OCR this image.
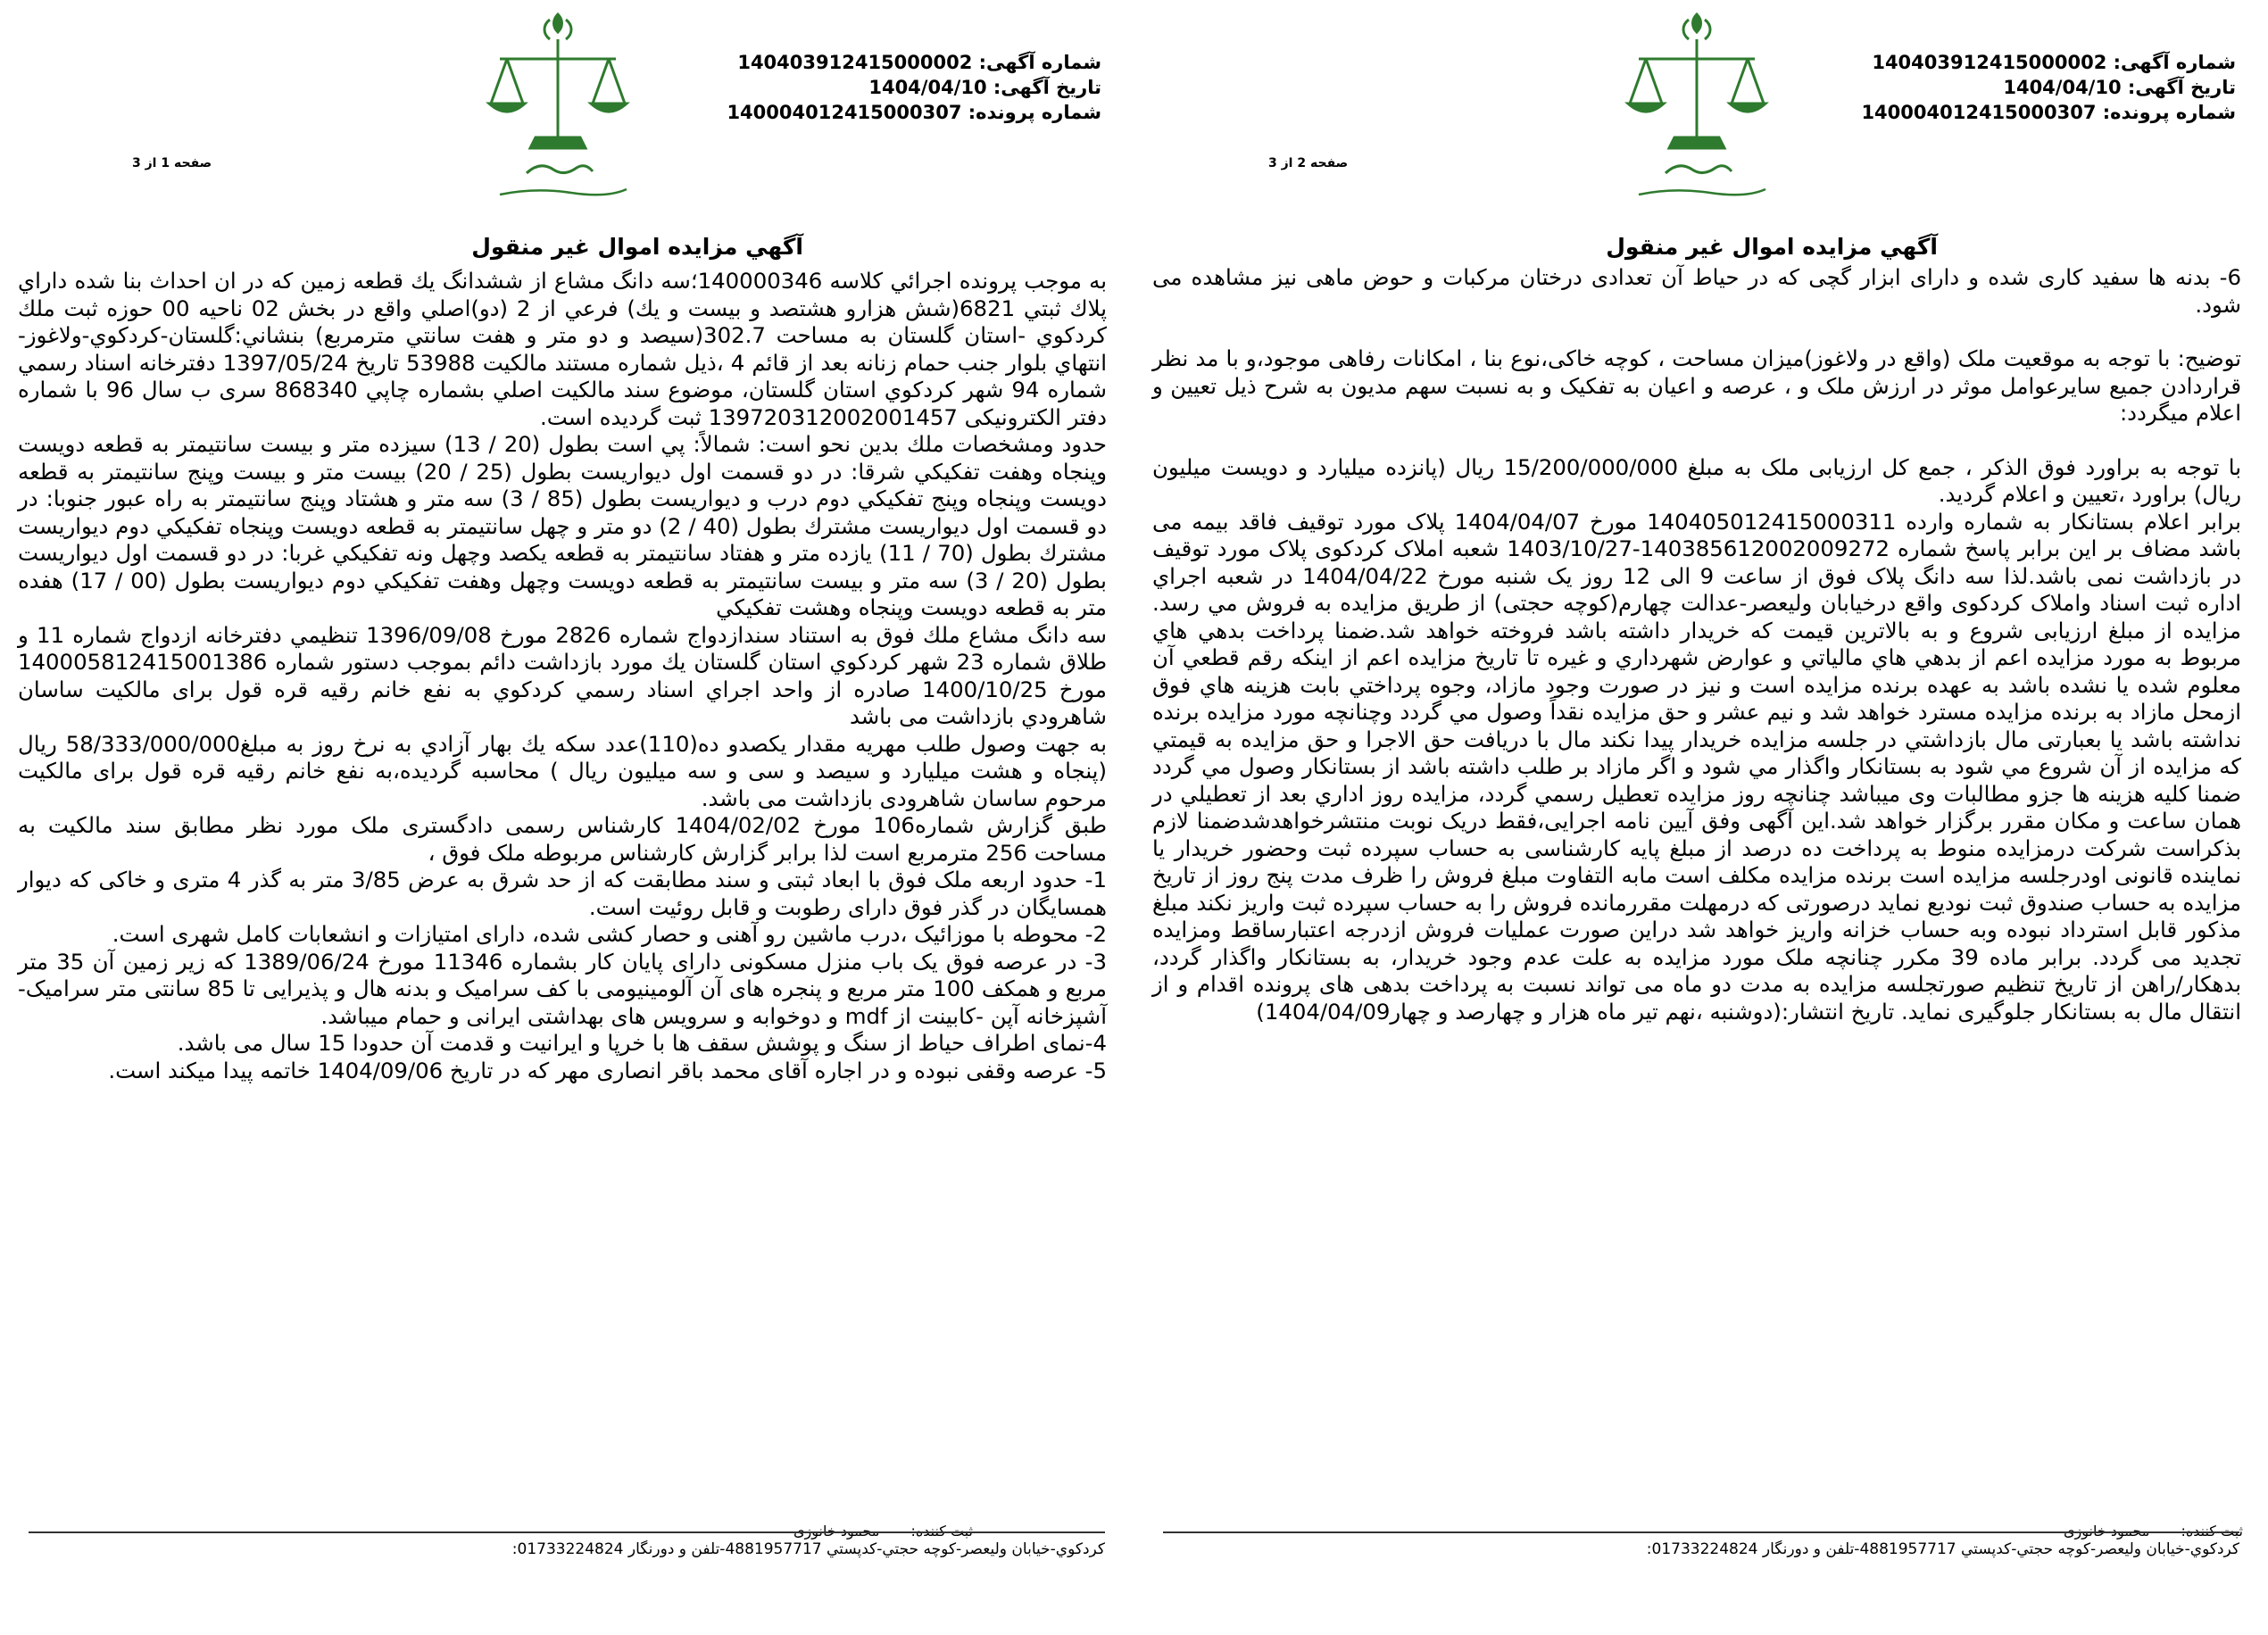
شماره آگهی: 140403912415000002
تاریخ آگهی: 1404/04/10
شماره پرونده: 140004012415000307
صفحه 1 از 3
آگهي مزايده اموال غير منقول

به موجب پرونده اجرائي كلاسه 140000346؛سه دانگ مشاع از ششدانگ يك قطعه زمين كه در ان احداث بنا شده داراي پلاك ثبتي 6821(شش هزارو هشتصد و بيست و يك) فرعي از 2 (دو)اصلي واقع در بخش 02 ناحيه 00 حوزه ثبت ملك كردكوي -استان گلستان به مساحت 302.7(سيصد و دو متر و هفت سانتي مترمربع) بنشاني:گلستان-كردكوي-ولاغوز-انتهاي بلوار جنب حمام زنانه بعد از قائم 4 ،ذيل شماره مستند مالكيت 53988 تاريخ 1397/05/24 دفترخانه اسناد رسمي شماره 94 شهر كردكوي استان گلستان، موضوع سند مالكيت اصلي بشماره چاپي 868340 سری ب سال 96 با شماره دفتر الكترونيكی 139720312002001457 ثبت گرديده است.

حدود ومشخصات ملك بدين نحو است: شمالاً: پي است بطول (20 / 13) سيزده متر و بيست سانتيمتر به قطعه دويست وپنجاه وهفت تفكيكي شرقا: در دو قسمت اول ديواريست بطول (25 / 20) بيست متر و بيست وپنج سانتيمتر به قطعه دويست وپنجاه وپنج تفكيكي دوم درب و ديواريست بطول (85 / 3) سه متر و هشتاد وپنج سانتيمتر به راه عبور جنوبا: در دو قسمت اول ديواريست مشترك بطول (40 / 2) دو متر و چهل سانتيمتر به قطعه دويست وپنجاه تفكيكي دوم ديواريست مشترك بطول (70 / 11) يازده متر و هفتاد سانتيمتر به قطعه يكصد وچهل ونه تفكيكي غربا: در دو قسمت اول ديواريست بطول (20 / 3) سه متر و بيست سانتيمتر به قطعه دويست وچهل وهفت تفكيكي دوم ديواريست بطول (00 / 17) هفده متر به قطعه دويست وپنجاه وهشت تفكيكي

سه دانگ مشاع ملك فوق به استناد سندازدواج شماره 2826 مورخ 1396/09/08 تنظيمي دفترخانه ازدواج شماره 11 و طلاق شماره 23 شهر كردكوي استان گلستان يك مورد بازداشت دائم بموجب دستور شماره 140005812415001386 مورخ 1400/10/25 صادره از واحد اجراي اسناد رسمي كردكوي به نفع خانم رقيه قره قول برای مالكيت ساسان شاهرودي بازداشت می باشد

به جهت وصول طلب مهريه مقدار يكصدو ده(110)عدد سكه يك بهار آزادي به نرخ روز به مبلغ58/333/000/000 ريال (پنجاه و هشت ميليارد و سيصد و سی و سه ميليون ريال ) محاسبه گرديده،به نفع خانم رقيه قره قول برای مالكيت مرحوم ساسان شاهرودی بازداشت می باشد.

طبق گزارش شماره106 مورخ 1404/02/02 كارشناس رسمی دادگستری ملک مورد نظر مطابق سند مالكيت به مساحت 256 مترمربع است لذا برابر گزارش كارشناس مربوطه ملک فوق ،

1- حدود اربعه ملک فوق با ابعاد ثبتی و سند مطابقت كه از حد شرق به عرض 3/85 متر به گذر 4 متری و خاكی كه ديوار همسايگان در گذر فوق دارای رطوبت و قابل روئيت است.

2- محوطه با موزائيک ،درب ماشين رو آهنی و حصار كشی شده، دارای امتيازات و انشعابات كامل شهری است.

3- در عرصه فوق يک باب منزل مسكونی دارای پايان كار بشماره 11346 مورخ 1389/06/24 كه زير زمين آن 35 متر مربع و همكف 100 متر مربع و پنجره های آن آلومينيومی با كف سراميک و بدنه هال و پذيرايی تا 85 سانتی متر سراميک-آشپزخانه آپن -كابينت از mdf و دوخوابه و سرويس های بهداشتی ايرانی و حمام ميباشد.

4-نمای اطراف حياط از سنگ و پوشش سقف ها با خرپا و ايرانيت و قدمت آن حدودا 15 سال می باشد.

5- عرصه وقفی نبوده و در اجاره آقای محمد باقر انصاری مهر كه در تاريخ 1404/09/06 خاتمه پيدا ميكند است.

ثبت كننده: محمود خانوزی
كردكوي-خيابان وليعصر-كوچه حجتي-كدپستي 4881957717-تلفن و دورنگار 01733224824:
شماره آگهی: 140403912415000002
تاریخ آگهی: 1404/04/10
شماره پرونده: 140004012415000307
صفحه 2 از 3
آگهي مزايده اموال غير منقول

6- بدنه ها سفيد كاری شده و دارای ابزار گچی كه در حياط آن تعدادی درختان مركبات و حوض ماهی نيز مشاهده می شود.

توضيح: با توجه به موقعيت ملک (واقع در ولاغوز)ميزان مساحت ، كوچه خاكی،نوع بنا ، امكانات رفاهی موجود،و با مد نظر قراردادن جميع سايرعوامل موثر در ارزش ملک و ، عرصه و اعيان به تفكيک و به نسبت سهم مديون به شرح ذيل تعيين و اعلام ميگردد:

با توجه به براورد فوق الذكر ، جمع كل ارزيابی ملک به مبلغ 15/200/000/000 ريال (پانزده ميليارد و دويست ميليون ريال) براورد ،تعيين و اعلام گرديد.

برابر اعلام بستانكار به شماره وارده 140405012415000311 مورخ 1404/04/07 پلاک مورد توقيف فاقد بيمه می باشد مضاف بر اين برابر پاسخ شماره 14038561200200927​2-1403/10/27 شعبه املاک كردكوی پلاک مورد توقيف در بازداشت نمی باشد.لذا سه دانگ پلاک فوق از ساعت 9 الی 12 روز يک شنبه مورخ 1404/04/22 در شعبه اجراي اداره ثبت اسناد واملاک كردكوی واقع درخيابان وليعصر-عدالت چهارم(كوچه حجتی) از طريق مزايده به فروش مي رسد. مزايده از مبلغ ارزيابی شروع و به بالاترين قيمت كه خريدار داشته باشد فروخته خواهد شد.ضمنا پرداخت بدهي هاي مربوط به مورد مزايده اعم از بدهي هاي مالياتي و عوارض شهرداري و غيره تا تاريخ مزايده اعم از اينكه رقم قطعي آن معلوم شده يا نشده باشد به عهده برنده مزايده است و نيز در صورت وجود مازاد، وجوه پرداختي بابت هزينه هاي فوق ازمحل مازاد به برنده مزايده مسترد خواهد شد و نيم عشر و حق مزايده نقداً وصول مي گردد وچنانچه مورد مزايده برنده نداشته باشد يا بعبارتی مال بازداشتي در جلسه مزايده خريدار پيدا نكند مال با دريافت حق الاجرا و حق مزايده به قيمتي كه مزايده از آن شروع مي شود به بستانكار واگذار مي شود و اگر مازاد بر طلب داشته باشد از بستانكار وصول مي گردد ضمنا كليه هزينه ها جزو مطالبات وی ميباشد چنانچه روز مزايده تعطيل رسمي گردد، مزايده روز اداري بعد از تعطيلي در همان ساعت و مكان مقرر برگزار خواهد شد.اين آگهی وفق آيين نامه اجرايی،فقط دريک نوبت منتشرخواهدشدضمنا لازم بذكراست شركت درمزايده منوط به پرداخت ده درصد از مبلغ پايه كارشناسی به حساب سپرده ثبت وحضور خريدار يا نماينده قانونی اودرجلسه مزايده است برنده مزايده مكلف است مابه التفاوت مبلغ فروش را ظرف مدت پنج روز از تاريخ مزايده به حساب صندوق ثبت نوديع نمايد درصورتی كه درمهلت مقررمانده فروش را به حساب سپرده ثبت واريز نكند مبلغ مذكور قابل استرداد نبوده وبه حساب خزانه واريز خواهد شد دراين صورت عمليات فروش ازدرجه اعتبارساقط ومزايده تجديد می گردد. برابر ماده 39 مكرر چنانچه ملک مورد مزايده به علت عدم وجود خريدار، به بستانكار واگذار گردد، بدهكار/راهن از تاريخ تنظيم صورتجلسه مزايده به مدت دو ماه می تواند نسبت به پرداخت بدهی های پرونده اقدام و از انتقال مال به بستانكار جلوگيری نمايد. تاريخ انتشار:(دوشنبه ،نهم تير ماه هزار و چهارصد و چهار1404/04/09)

ثبت كننده: محمود خانوزی
كردكوي-خيابان وليعصر-كوچه حجتي-كدپستي 4881957717-تلفن و دورنگار 01733224824:
